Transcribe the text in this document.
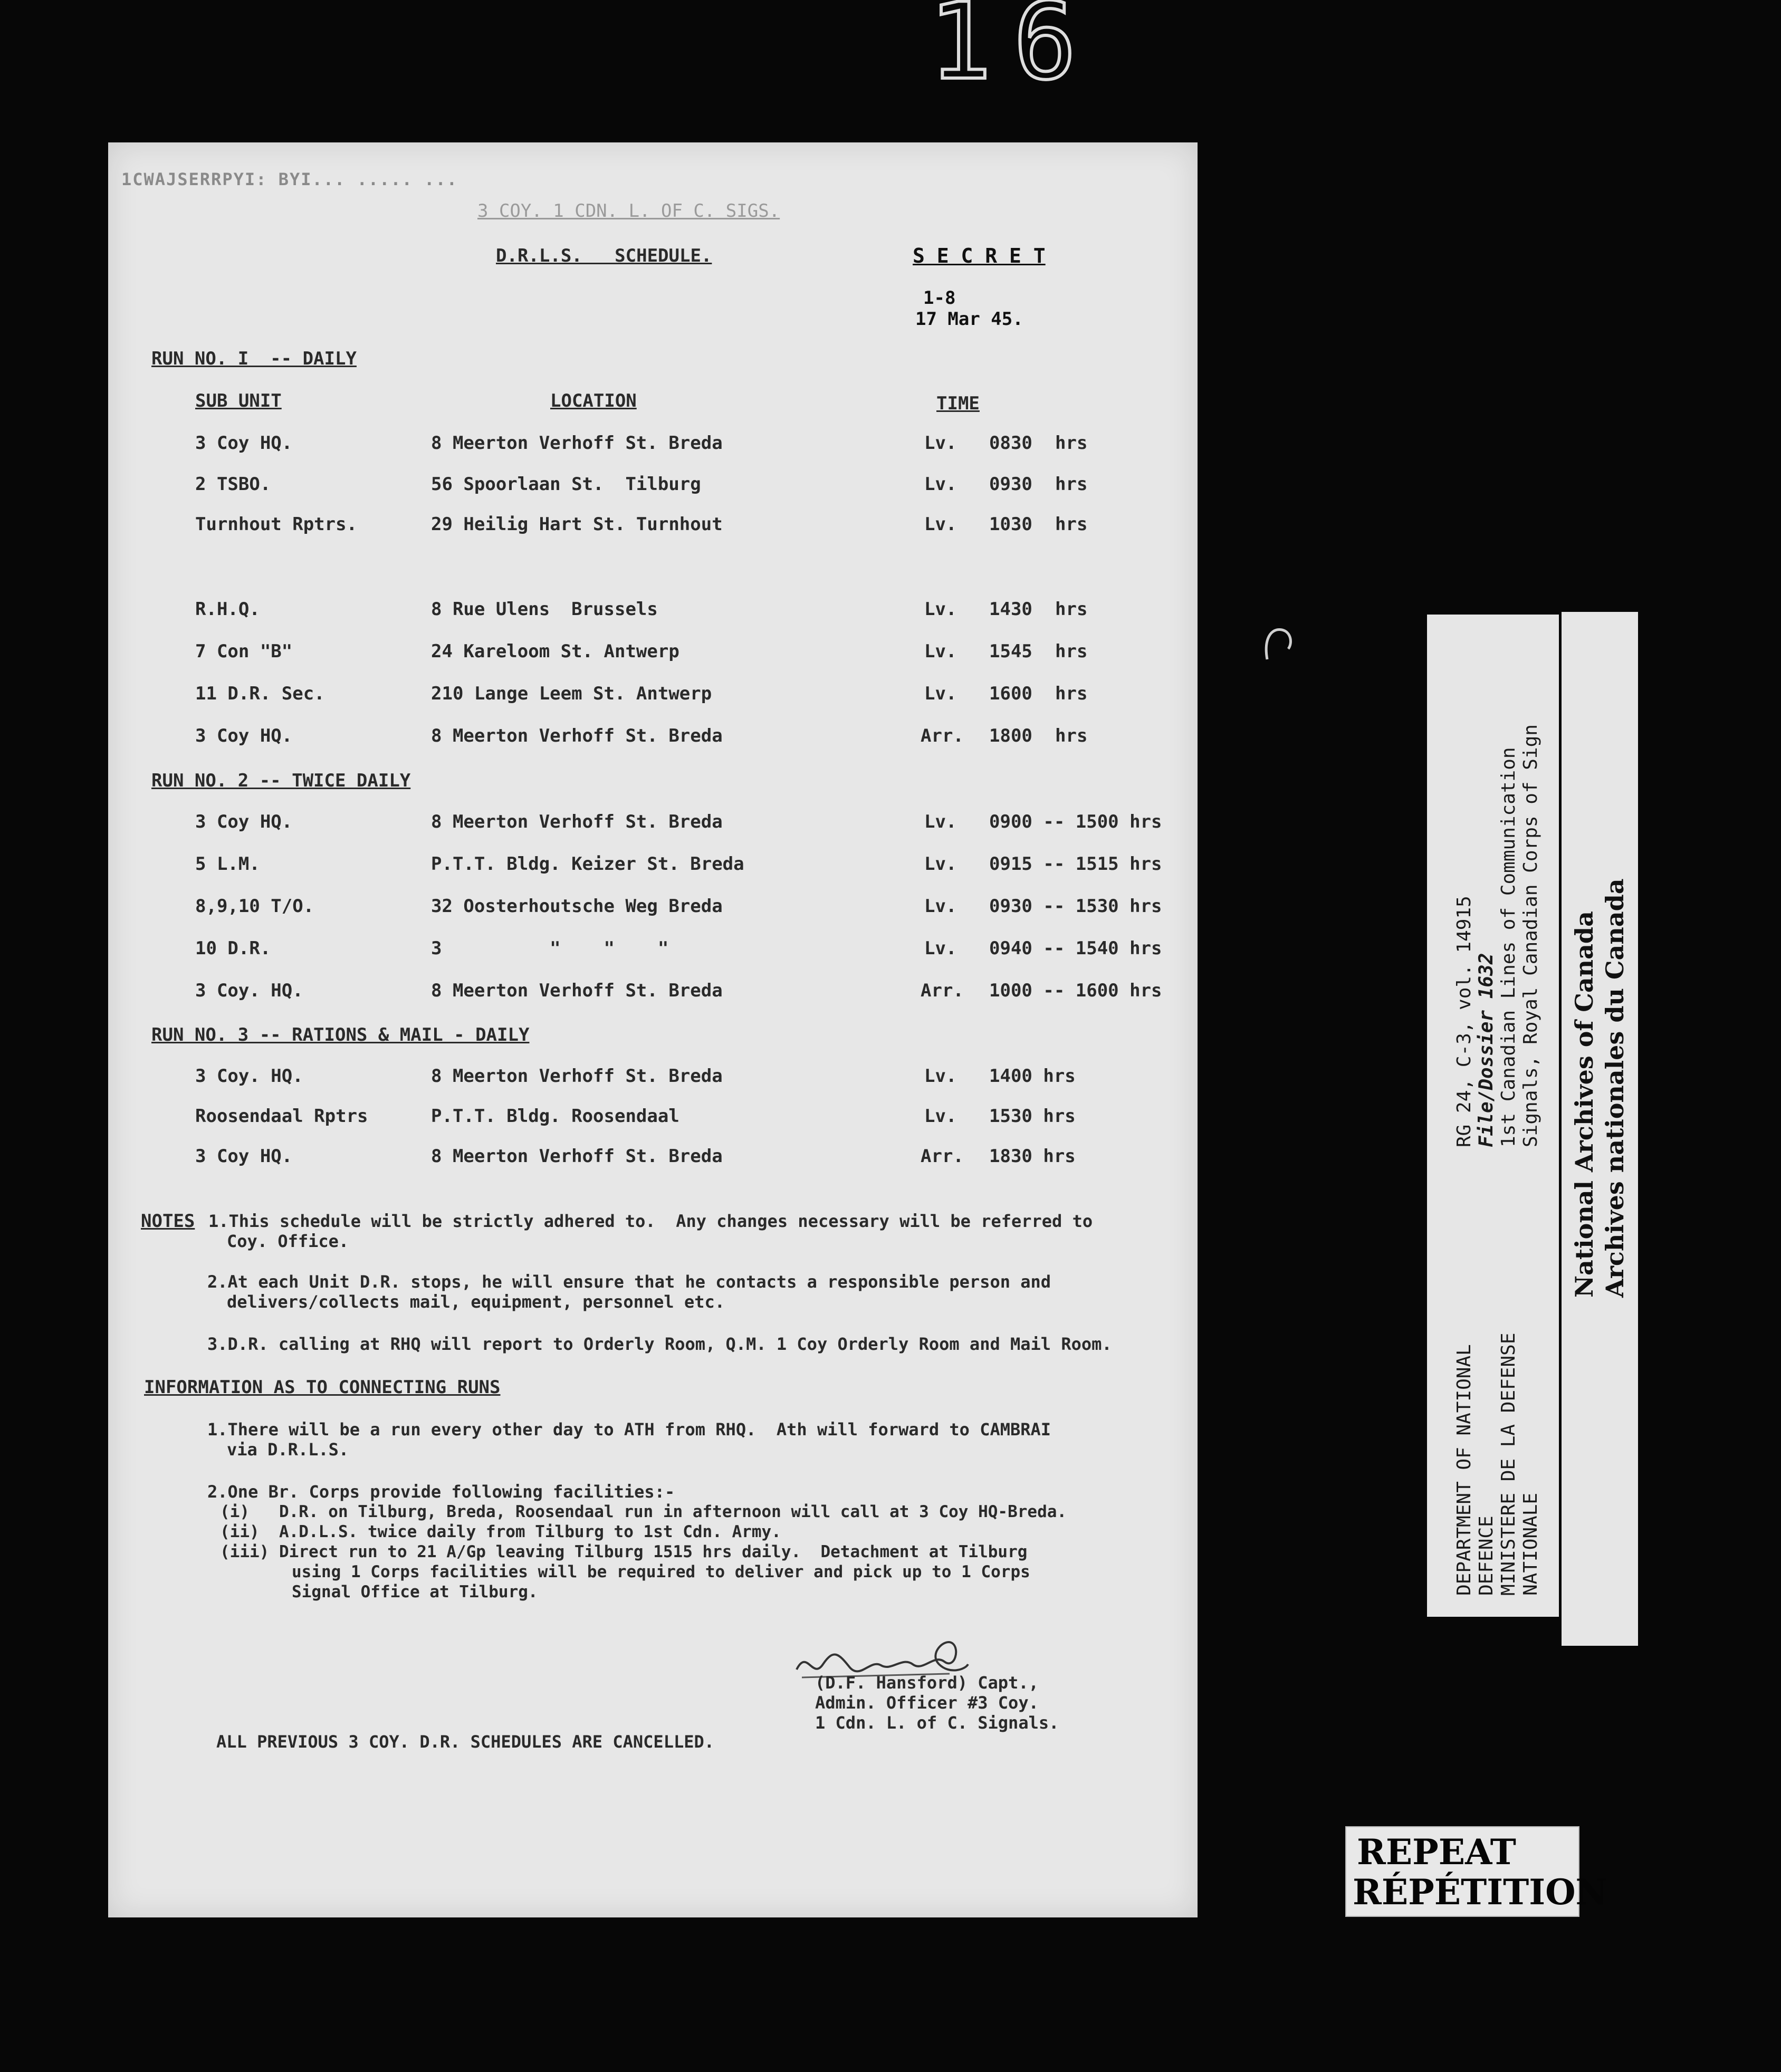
16
1CWAJSERRPYI: BYI... ..... ...
3 COY. 1 CDN. L. OF C. SIGS.
D.R.L.S.   SCHEDULE.	S E C R E T
1-8
17 Mar 45.
RUN NO. I  -- DAILY
SUB UNIT	LOCATION	TIME
3 Coy HQ.	8 Meerton Verhoff St. Breda	Lv. 0830 hrs
2 TSBO.	56 Spoorlaan St.  Tilburg	Lv. 0930 hrs
Turnhout Rptrs.	29 Heilig Hart St. Turnhout	Lv. 1030 hrs
R.H.Q.	8 Rue Ulens  Brussels	Lv. 1430 hrs
7 Con "B"	24 Kareloom St. Antwerp	Lv. 1545 hrs
11 D.R. Sec.	210 Lange Leem St. Antwerp	Lv. 1600 hrs
3 Coy HQ.	8 Meerton Verhoff St. Breda	Arr. 1800 hrs
RUN NO. 2 -- TWICE DAILY
3 Coy HQ.	8 Meerton Verhoff St. Breda	Lv. 0900 -- 1500 hrs
5 L.M.	P.T.T. Bldg. Keizer St. Breda	Lv. 0915 -- 1515 hrs
8,9,10 T/O.	32 Oosterhoutsche Weg Breda	Lv. 0930 -- 1530 hrs
10 D.R.	3          "    "    "	Lv. 0940 -- 1540 hrs
3 Coy. HQ.	8 Meerton Verhoff St. Breda	Arr. 1000 -- 1600 hrs
RUN NO. 3 -- RATIONS & MAIL - DAILY
3 Coy. HQ.	8 Meerton Verhoff St. Breda	Lv. 1400 hrs
Roosendaal Rptrs	P.T.T. Bldg. Roosendaal	Lv. 1530 hrs
3 Coy HQ.	8 Meerton Verhoff St. Breda	Arr. 1830 hrs
NOTES 1.This schedule will be strictly adhered to.  Any changes necessary will be referred to
Coy. Office.
2.At each Unit D.R. stops, he will ensure that he contacts a responsible person and
delivers/collects mail, equipment, personnel etc.
3.D.R. calling at RHQ will report to Orderly Room, Q.M. 1 Coy Orderly Room and Mail Room.
INFORMATION AS TO CONNECTING RUNS
1.There will be a run every other day to ATH from RHQ.  Ath will forward to CAMBRAI
via D.R.L.S.
2.One Br. Corps provide following facilities:-
(i)   D.R. on Tilburg, Breda, Roosendaal run in afternoon will call at 3 Coy HQ-Breda.
(ii)  A.D.L.S. twice daily from Tilburg to 1st Cdn. Army.
(iii) Direct run to 21 A/Gp leaving Tilburg 1515 hrs daily.  Detachment at Tilburg
using 1 Corps facilities will be required to deliver and pick up to 1 Corps
Signal Office at Tilburg.
(D.F. Hansford) Capt.,
Admin. Officer #3 Coy.
1 Cdn. L. of C. Signals.
ALL PREVIOUS 3 COY. D.R. SCHEDULES ARE CANCELLED.
DEPARTMENT OF NATIONAL DEFENCE MINISTERE DE LA DEFENSE NATIONALE
RG 24, C-3, vol. 14915 File/Dossier 1632 1st Canadian Lines of Communication Signals, Royal Canadian Corps of Sign National Archives of Canada Archives nationales du Canada
REPEAT
RÉPÉTITION
